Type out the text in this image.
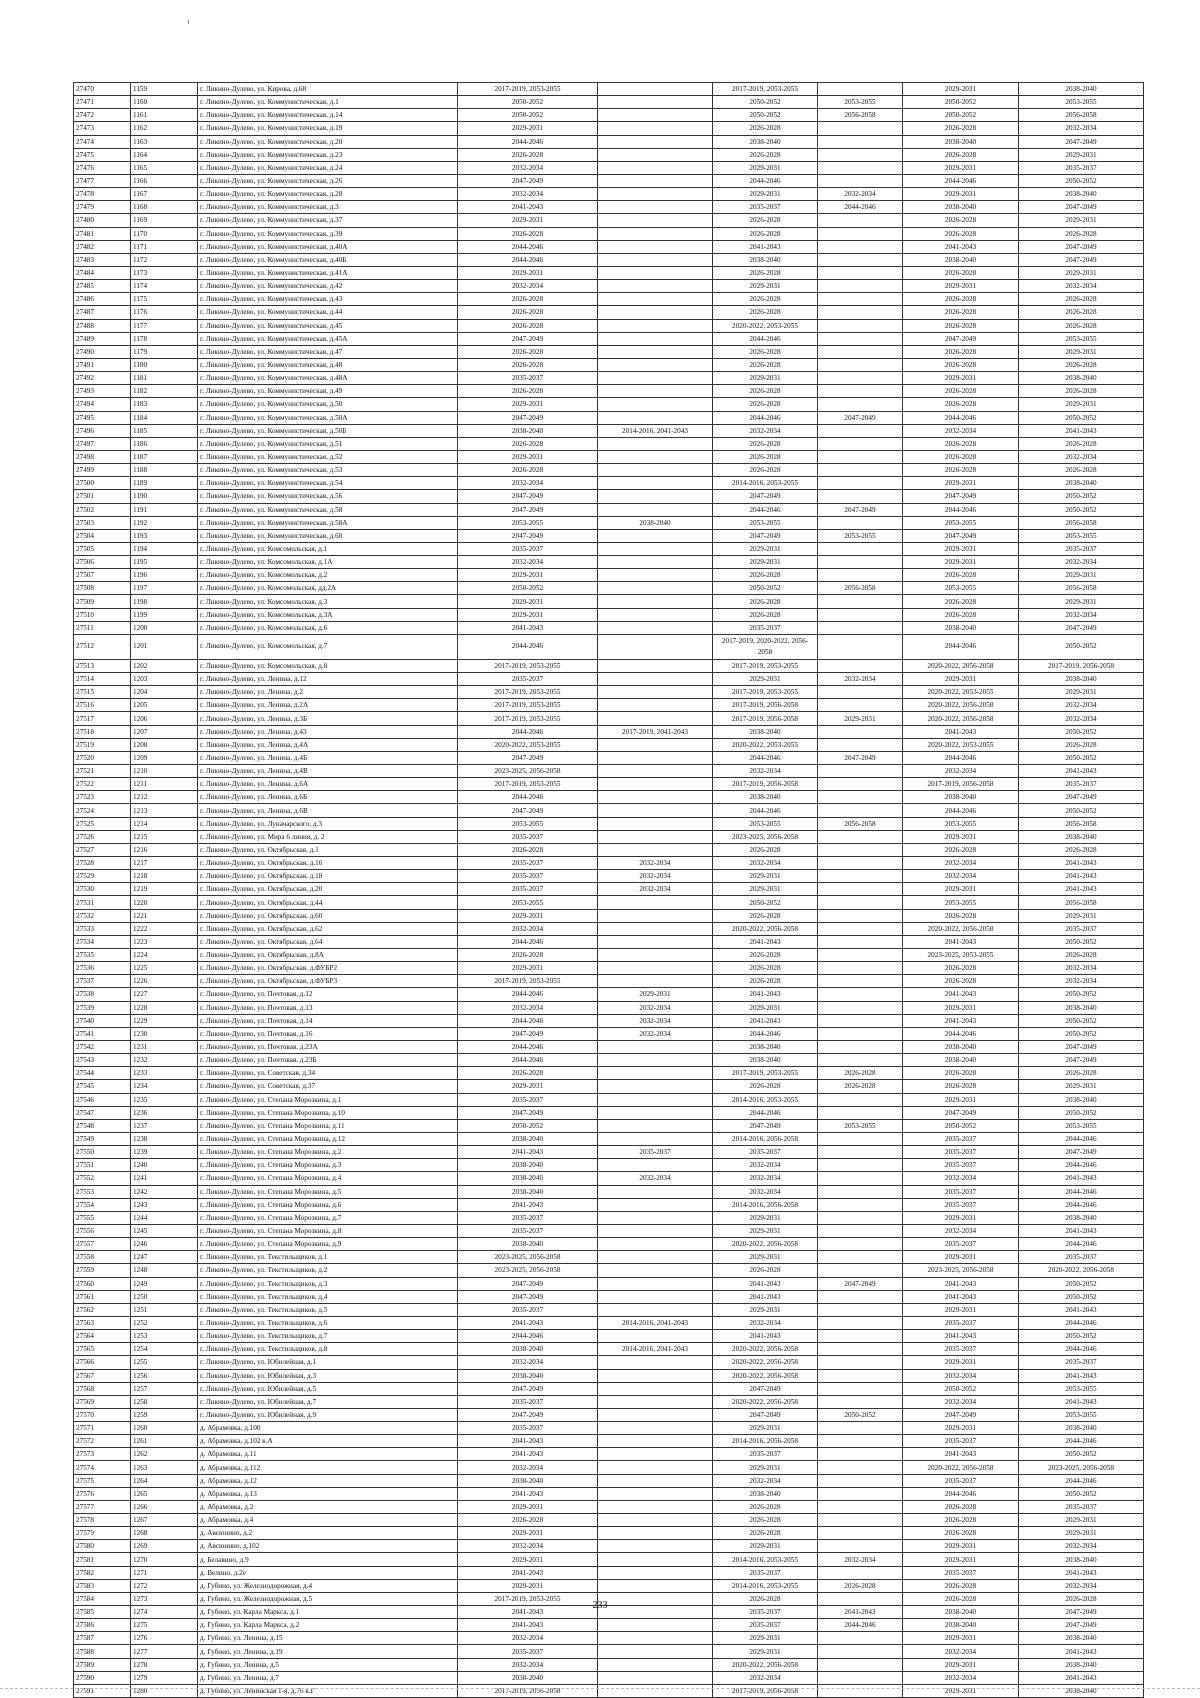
27470	1159	г. Ликино-Дулево, ул. Кирова, д.68	2017-2019, 2053-2055		2017-2019, 2053-2055		2029-2031	2038-2040
27471	1160	г. Ликино-Дулево, ул. Коммунистическая, д.1	2050-2052		2050-2052	2053-2055	2050-2052	2053-2055
27472	1161	г. Ликино-Дулево, ул. Коммунистическая, д.14	2050-2052		2050-2052	2056-2058	2050-2052	2056-2058
27473	1162	г. Ликино-Дулево, ул. Коммунистическая, д.19	2029-2031		2026-2028		2026-2028	2032-2034
27474	1163	г. Ликино-Дулево, ул. Коммунистическая, д.20	2044-2046		2038-2040		2038-2040	2047-2049
27475	1164	г. Ликино-Дулево, ул. Коммунистическая, д.23	2026-2028		2026-2028		2026-2028	2029-2031
27476	1165	г. Ликино-Дулево, ул. Коммунистическая, д.24	2032-2034		2029-2031		2029-2031	2035-2037
27477	1166	г. Ликино-Дулево, ул. Коммунистическая, д.26	2047-2049		2044-2046		2044-2046	2050-2052
27478	1167	г. Ликино-Дулево, ул. Коммунистическая, д.28	2032-2034		2029-2031	2032-2034	2029-2031	2038-2040
27479	1168	г. Ликино-Дулево, ул. Коммунистическая, д.3	2041-2043		2035-2037	2044-2046	2038-2040	2047-2049
27480	1169	г. Ликино-Дулево, ул. Коммунистическая, д.37	2029-2031		2026-2028		2026-2028	2029-2031
27481	1170	г. Ликино-Дулево, ул. Коммунистическая, д.39	2026-2028		2026-2028		2026-2028	2026-2028
27482	1171	г. Ликино-Дулево, ул. Коммунистическая, д.40А	2044-2046		2041-2043		2041-2043	2047-2049
27483	1172	г. Ликино-Дулево, ул. Коммунистическая, д.40Б	2044-2046		2038-2040		2038-2040	2047-2049
27484	1173	г. Ликино-Дулево, ул. Коммунистическая, д.41А	2029-2031		2026-2028		2026-2028	2029-2031
27485	1174	г. Ликино-Дулево, ул. Коммунистическая, д.42	2032-2034		2029-2031		2029-2031	2032-2034
27486	1175	г. Ликино-Дулево, ул. Коммунистическая, д.43	2026-2028		2026-2028		2026-2028	2026-2028
27487	1176	г. Ликино-Дулево, ул. Коммунистическая, д.44	2026-2028		2026-2028		2026-2028	2026-2028
27488	1177	г. Ликино-Дулево, ул. Коммунистическая, д.45	2026-2028		2020-2022, 2053-2055		2026-2028	2026-2028
27489	1178	г. Ликино-Дулево, ул. Коммунистическая, д.45А	2047-2049		2044-2046		2047-2049	2053-2055
27490	1179	г. Ликино-Дулево, ул. Коммунистическая, д.47	2026-2028		2026-2028		2026-2028	2029-2031
27491	1180	г. Ликино-Дулево, ул. Коммунистическая, д.48	2026-2028		2026-2028		2026-2028	2026-2028
27492	1181	г. Ликино-Дулево, ул. Коммунистическая, д.48А	2035-2037		2029-2031		2029-2031	2038-2040
27493	1182	г. Ликино-Дулево, ул. Коммунистическая, д.49	2026-2028		2026-2028		2026-2028	2026-2028
27494	1183	г. Ликино-Дулево, ул. Коммунистическая, д.50	2029-2031		2026-2028		2026-2028	2029-2031
27495	1184	г. Ликино-Дулево, ул. Коммунистическая, д.50А	2047-2049		2044-2046	2047-2049	2044-2046	2050-2052
27496	1185	г. Ликино-Дулево, ул. Коммунистическая, д.50Б	2038-2040	2014-2016, 2041-2043	2032-2034		2032-2034	2041-2043
27497	1186	г. Ликино-Дулево, ул. Коммунистическая, д.51	2026-2028		2026-2028		2026-2028	2026-2028
27498	1187	г. Ликино-Дулево, ул. Коммунистическая, д.52	2029-2031		2026-2028		2026-2028	2032-2034
27499	1188	г. Ликино-Дулево, ул. Коммунистическая, д.53	2026-2028		2026-2028		2026-2028	2026-2028
27500	1189	г. Ликино-Дулево, ул. Коммунистическая, д.54	2032-2034		2014-2016, 2053-2055		2029-2031	2038-2040
27501	1190	г. Ликино-Дулево, ул. Коммунистическая, д.56	2047-2049		2047-2049		2047-2049	2050-2052
27502	1191	г. Ликино-Дулево, ул. Коммунистическая, д.58	2047-2049		2044-2046	2047-2049	2044-2046	2050-2052
27503	1192	г. Ликино-Дулево, ул. Коммунистическая, д.58А	2053-2055	2038-2040	2053-2055		2053-2055	2056-2058
27504	1193	г. Ликино-Дулево, ул. Коммунистическая, д.60	2047-2049		2047-2049	2053-2055	2047-2049	2053-2055
27505	1194	г. Ликино-Дулево, ул. Комсомольская, д.1	2035-2037		2029-2031		2029-2031	2035-2037
27506	1195	г. Ликино-Дулево, ул. Комсомольская, д.1А	2032-2034		2029-2031		2029-2031	2032-2034
27507	1196	г. Ликино-Дулево, ул. Комсомольская, д.2	2029-2031		2026-2028		2026-2028	2029-2031
27508	1197	г. Ликино-Дулево, ул. Комсомольская, дд.2А	2050-2052		2050-2052	2056-2058	2053-2055	2056-2058
27509	1198	г. Ликино-Дулево, ул. Комсомольская, д.3	2029-2031		2026-2028		2026-2028	2029-2031
27510	1199	г. Ликино-Дулево, ул. Комсомольская, д.3А	2029-2031		2026-2028		2026-2028	2032-2034
27511	1200	г. Ликино-Дулево, ул. Комсомольская, д.6	2041-2043		2035-2037		2038-2040	2047-2049
27512	1201	г. Ликино-Дулево, ул. Комсомольская, д.7	2044-2046		2017-2019, 2020-2022, 2056-2058		2044-2046	2050-2052
27513	1202	г. Ликино-Дулево, ул. Комсомольская, д.8	2017-2019, 2053-2055		2017-2019, 2053-2055		2020-2022, 2056-2058	2017-2019, 2056-2058
27514	1203	г. Ликино-Дулево, ул. Ленина, д.12	2035-2037		2029-2031	2032-2034	2029-2031	2038-2040
27515	1204	г. Ликино-Дулево, ул. Ленина, д.2	2017-2019, 2053-2055		2017-2019, 2053-2055		2020-2022, 2053-2055	2029-2031
27516	1205	г. Ликино-Дулево, ул. Ленина, д.2А	2017-2019, 2053-2055		2017-2019, 2056-2058		2020-2022, 2056-2058	2032-2034
27517	1206	г. Ликино-Дулево, ул. Ленина, д.3Б	2017-2019, 2053-2055		2017-2019, 2056-2058	2029-2031	2020-2022, 2056-2058	2032-2034
27518	1207	г. Ликино-Дулево, ул. Ленина, д.43	2044-2046	2017-2019, 2041-2043	2038-2040		2041-2043	2050-2052
27519	1208	г. Ликино-Дулево, ул. Ленина, д.4А	2020-2022, 2053-2055		2020-2022, 2053-2055		2020-2022, 2053-2055	2026-2028
27520	1209	г. Ликино-Дулево, ул. Ленина, д.4Б	2047-2049		2044-2046	2047-2049	2044-2046	2050-2052
27521	1210	г. Ликино-Дулево, ул. Ленина, д.4В	2023-2025, 2056-2058		2032-2034		2032-2034	2041-2043
27522	1211	г. Ликино-Дулево, ул. Ленина, д.6А	2017-2019, 2053-2055		2017-2019, 2056-2058		2017-2019, 2056-2058	2035-2037
27523	1212	г. Ликино-Дулево, ул. Ленина, д.6Б	2044-2046		2038-2040		2038-2040	2047-2049
27524	1213	г. Ликино-Дулево, ул. Ленина, д.6В	2047-2049		2044-2046		2044-2046	2050-2052
27525	1214	г. Ликино-Дулево, ул. Луначарского, д.3	2053-2055		2053-2055	2056-2058	2053-2055	2056-2058
27526	1215	г. Ликино-Дулево, ул. Мира 6 линия, д. 2	2035-2037		2023-2025, 2056-2058		2029-2031	2038-2040
27527	1216	г. Ликино-Дулево, ул. Октябрьская, д.1	2026-2028		2026-2028		2026-2028	2026-2028
27528	1217	г. Ликино-Дулево, ул. Октябрьская, д.16	2035-2037	2032-2034	2032-2034		2032-2034	2041-2043
27529	1218	г. Ликино-Дулево, ул. Октябрьская, д.18	2035-2037	2032-2034	2029-2031		2032-2034	2041-2043
27530	1219	г. Ликино-Дулево, ул. Октябрьская, д.20	2035-2037	2032-2034	2029-2031		2029-2031	2041-2043
27531	1220	г. Ликино-Дулево, ул. Октябрьская, д.44	2053-2055		2050-2052		2053-2055	2056-2058
27532	1221	г. Ликино-Дулево, ул. Октябрьская, д.60	2029-2031		2026-2028		2026-2028	2029-2031
27533	1222	г. Ликино-Дулево, ул. Октябрьская, д.62	2032-2034		2020-2022, 2056-2058		2020-2022, 2056-2058	2035-2037
27534	1223	г. Ликино-Дулево, ул. Октябрьская, д.64	2044-2046		2041-2043		2041-2043	2050-2052
27535	1224	г. Ликино-Дулево, ул. Октябрьская, д.8А	2026-2028		2026-2028		2023-2025, 2053-2055	2026-2028
27536	1225	г. Ликино-Дулево, ул. Октябрьская, д.ФУБР2	2029-2031		2026-2028		2026-2028	2032-2034
27537	1226	г. Ликино-Дулево, ул. Октябрьская, д.ФУБР3	2017-2019, 2053-2055		2026-2028		2026-2028	2032-2034
27538	1227	г. Ликино-Дулево, ул. Почтовая, д.12	2044-2046	2029-2031	2041-2043		2041-2043	2050-2052
27539	1228	г. Ликино-Дулево, ул. Почтовая, д.13	2032-2034	2032-2034	2029-2031		2029-2031	2038-2040
27540	1229	г. Ликино-Дулево, ул. Почтовая, д.14	2044-2046	2032-2034	2041-2043		2041-2043	2050-2052
27541	1230	г. Ликино-Дулево, ул. Почтовая, д.16	2047-2049	2032-2034	2044-2046		2044-2046	2050-2052
27542	1231	г. Ликино-Дулево, ул. Почтовая, д.23А	2044-2046		2038-2040		2038-2040	2047-2049
27543	1232	г. Ликино-Дулево, ул. Почтовая, д.23Б	2044-2046		2038-2040		2038-2040	2047-2049
27544	1233	г. Ликино-Дулево, ул. Советская, д.34	2026-2028		2017-2019, 2053-2055	2026-2028	2026-2028	2026-2028
27545	1234	г. Ликино-Дулево, ул. Советская, д.37	2029-2031		2026-2028	2026-2028	2026-2028	2029-2031
27546	1235	г. Ликино-Дулево, ул. Степана Морозкина, д.1	2035-2037		2014-2016, 2053-2055		2029-2031	2038-2040
27547	1236	г. Ликино-Дулево, ул. Степана Морозкина, д.10	2047-2049		2044-2046		2047-2049	2050-2052
27548	1237	г. Ликино-Дулево, ул. Степана Морозкина, д.11	2050-2052		2047-2049	2053-2055	2050-2052	2053-2055
27549	1238	г. Ликино-Дулево, ул. Степана Морозкина, д.12	2038-2040		2014-2016, 2056-2058		2035-2037	2044-2046
27550	1239	г. Ликино-Дулево, ул. Степана Морозкина, д.2	2041-2043	2035-2037	2035-2037		2035-2037	2047-2049
27551	1240	г. Ликино-Дулево, ул. Степана Морозкина, д.3	2038-2040		2032-2034		2035-2037	2044-2046
27552	1241	г. Ликино-Дулево, ул. Степана Морозкина, д.4	2038-2040	2032-2034	2032-2034		2032-2034	2041-2043
27553	1242	г. Ликино-Дулево, ул. Степана Морозкина, д.5	2038-2040		2032-2034		2035-2037	2044-2046
27554	1243	г. Ликино-Дулево, ул. Степана Морозкина, д.6	2041-2043		2014-2016, 2056-2058		2035-2037	2044-2046
27555	1244	г. Ликино-Дулево, ул. Степана Морозкина, д.7	2035-2037		2029-2031		2029-2031	2038-2040
27556	1245	г. Ликино-Дулево, ул. Степана Морозкина, д.8	2035-2037		2029-2031		2032-2034	2041-2043
27557	1246	г. Ликино-Дулево, ул. Степана Морозкина, д.9	2038-2040		2020-2022, 2056-2058		2035-2037	2044-2046
27558	1247	г. Ликино-Дулево, ул. Текстильщиков, д.1	2023-2025, 2056-2058		2029-2031		2029-2031	2035-2037
27559	1248	г. Ликино-Дулево, ул. Текстильщиков, д.2	2023-2025, 2056-2058		2026-2028		2023-2025, 2056-2058	2020-2022, 2056-2058
27560	1249	г. Ликино-Дулево, ул. Текстильщиков, д.3	2047-2049		2041-2043	2047-2049	2041-2043	2050-2052
27561	1250	г. Ликино-Дулево, ул. Текстильщиков, д.4	2047-2049		2041-2043		2041-2043	2050-2052
27562	1251	г. Ликино-Дулево, ул. Текстильщиков, д.5	2035-2037		2029-2031		2029-2031	2041-2043
27563	1252	г. Ликино-Дулево, ул. Текстильщиков, д.6	2041-2043	2014-2016, 2041-2043	2032-2034		2035-2037	2044-2046
27564	1253	г. Ликино-Дулево, ул. Текстильщиков, д.7	2044-2046		2041-2043		2041-2043	2050-2052
27565	1254	г. Ликино-Дулево, ул. Текстильщиков, д.8	2038-2040	2014-2016, 2041-2043	2020-2022, 2056-2058		2035-2037	2044-2046
27566	1255	г. Ликино-Дулево, ул. Юбилейная, д.1	2032-2034		2020-2022, 2056-2058		2029-2031	2035-2037
27567	1256	г. Ликино-Дулево, ул. Юбилейная, д.3	2038-2040		2020-2022, 2056-2058		2032-2034	2041-2043
27568	1257	г. Ликино-Дулево, ул. Юбилейная, д.5	2047-2049		2047-2049		2050-2052	2053-2055
27569	1258	г. Ликино-Дулево, ул. Юбилейная, д.7	2035-2037		2020-2022, 2056-2058		2032-2034	2041-2043
27570	1259	г. Ликино-Дулево, ул. Юбилейная, д.9	2047-2049		2047-2049	2050-2052	2047-2049	2053-2055
27571	1260	д. Абрамовка, д.100	2035-2037		2029-2031		2029-2031	2038-2040
27572	1261	д. Абрамовка, д.102 к.А	2041-2043		2014-2016, 2056-2058		2035-2037	2044-2046
27573	1262	д. Абрамовка, д.11	2041-2043		2035-2037		2041-2043	2050-2052
27574	1263	д. Абрамовка, д.112	2032-2034		2029-2031		2020-2022, 2056-2058	2023-2025, 2056-2058
27575	1264	д. Абрамовка, д.12	2038-2040		2032-2034		2035-2037	2044-2046
27576	1265	д. Абрамовка, д.13	2041-2043		2038-2040		2044-2046	2050-2052
27577	1266	д. Абрамовка, д.2	2029-2031		2026-2028		2026-2028	2035-2037
27578	1267	д. Абрамовка, д.4	2026-2028		2026-2028		2026-2028	2029-2031
27579	1268	д. Авсюнино, д.2	2029-2031		2026-2028		2026-2028	2029-2031
27580	1269	д. Авсюнино, д.102	2032-2034		2029-2031		2029-2031	2032-2034
27581	1270	д. Белавино, д.9	2029-2031		2014-2016, 2053-2055	2032-2034	2029-2031	2038-2040
27582	1271	д. Велино, д.2е	2041-2043		2035-2037		2035-2037	2041-2043
27583	1272	д. Губино, ул. Железнодорожная, д.4	2029-2031		2014-2016, 2053-2055	2026-2028	2026-2028	2032-2034
27584	1273	д. Губино, ул. Железнодорожная, д.5	2017-2019, 2053-2055		2026-2028		2026-2028	2026-2028
27585	1274	д. Губино, ул. Карла Маркса, д.1	2041-2043		2035-2037	2041-2043	2038-2040	2047-2049
27586	1275	д. Губино, ул. Карла Маркса, д.2	2041-2043		2035-2037	2044-2046	2038-2040	2047-2049
27587	1276	д. Губино, ул. Ленина, д.15	2032-2034		2029-2031		2029-2031	2038-2040
27588	1277	д. Губино, ул. Ленина, д.19	2035-2037		2029-2031		2032-2034	2041-2043
27589	1278	д. Губино, ул. Ленина, д.5	2032-2034		2020-2022, 2056-2058		2029-2031	2038-2040
27590	1279	д. Губино, ул. Ленина, д.7	2038-2040		2032-2034		2032-2034	2041-2043
27591	1280	д. Губино, ул. Ленинская 1-я, д.76 к.Г	2017-2019, 2056-2058		2017-2019, 2056-2058		2029-2031	2038-2040
233
